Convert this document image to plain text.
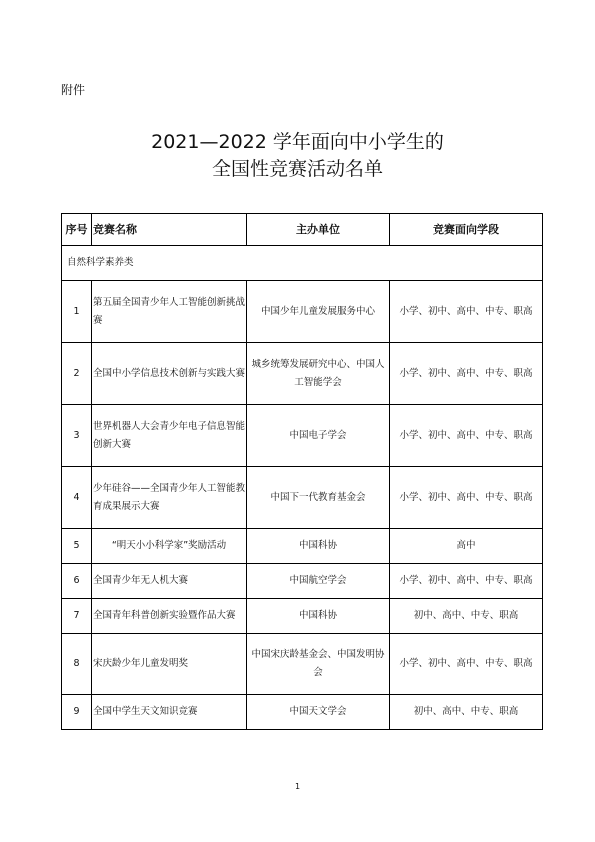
附件
2021—2022 学年面向中小学生的
全国性竞赛活动名单
序号	竞赛名称	主办单位	竞赛面向学段
自然科学素养类			
1	第五届全国青少年人工智能创新挑战赛	中国少年儿童发展服务中心	小学、初中、高中、中专、职高
2	全国中小学信息技术创新与实践大赛	城乡统筹发展研究中心、中国人工智能学会	小学、初中、高中、中专、职高
3	世界机器人大会青少年电子信息智能创新大赛	中国电子学会	小学、初中、高中、中专、职高
4	少年硅谷——全国青少年人工智能教育成果展示大赛	中国下一代教育基金会	小学、初中、高中、中专、职高
5	“明天小小科学家”奖励活动	中国科协	高中
6	全国青少年无人机大赛	中国航空学会	小学、初中、高中、中专、职高
7	全国青年科普创新实验暨作品大赛	中国科协	初中、高中、中专、职高
8	宋庆龄少年儿童发明奖	中国宋庆龄基金会、中国发明协会	小学、初中、高中、中专、职高
9	全国中学生天文知识竞赛	中国天文学会	初中、高中、中专、职高
1
